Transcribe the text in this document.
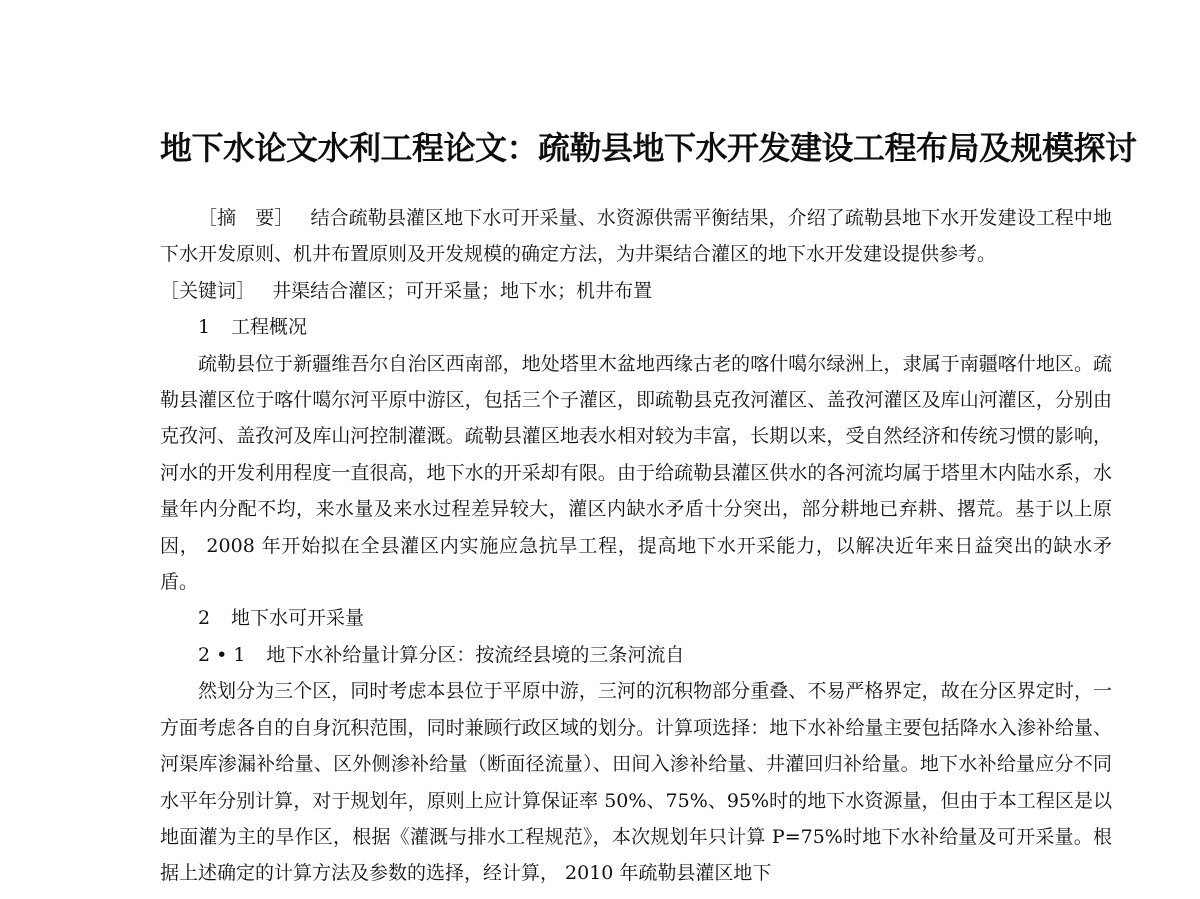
地下水论文水利工程论文：疏勒县地下水开发建设工程布局及规模探讨

［摘　要］ 结合疏勒县灌区地下水可开采量、水资源供需平衡结果，介绍了疏勒县地下水开发建设工程中地下水开发原则、机井布置原则及开发规模的确定方法，为井渠结合灌区的地下水开发建设提供参考。

［关键词］ 井渠结合灌区；可开采量；地下水；机井布置

1 工程概况

疏勒县位于新疆维吾尔自治区西南部，地处塔里木盆地西缘古老的喀什噶尔绿洲上，隶属于南疆喀什地区。疏勒县灌区位于喀什噶尔河平原中游区，包括三个子灌区，即疏勒县克孜河灌区、盖孜河灌区及库山河灌区，分别由克孜河、盖孜河及库山河控制灌溉。疏勒县灌区地表水相对较为丰富，长期以来，受自然经济和传统习惯的影响，河水的开发利用程度一直很高，地下水的开采却有限。由于给疏勒县灌区供水的各河流均属于塔里木内陆水系，水量年内分配不均，来水量及来水过程差异较大，灌区内缺水矛盾十分突出，部分耕地已弃耕、撂荒。基于以上原因， 2008 年开始拟在全县灌区内实施应急抗旱工程，提高地下水开采能力，以解决近年来日益突出的缺水矛盾。

2 地下水可开采量

2 • 1 地下水补给量计算分区：按流经县境的三条河流自

然划分为三个区，同时考虑本县位于平原中游，三河的沉积物部分重叠、不易严格界定，故在分区界定时，一方面考虑各自的自身沉积范围，同时兼顾行政区域的划分。计算项选择：地下水补给量主要包括降水入渗补给量、河渠库渗漏补给量、区外侧渗补给量（断面径流量）、田间入渗补给量、井灌回归补给量。地下水补给量应分不同水平年分别计算，对于规划年，原则上应计算保证率 50%、75%、95%时的地下水资源量，但由于本工程区是以地面灌为主的旱作区，根据《灌溉与排水工程规范》，本次规划年只计算 P=75%时地下水补给量及可开采量。根据上述确定的计算方法及参数的选择，经计算， 2010 年疏勒县灌区地下
